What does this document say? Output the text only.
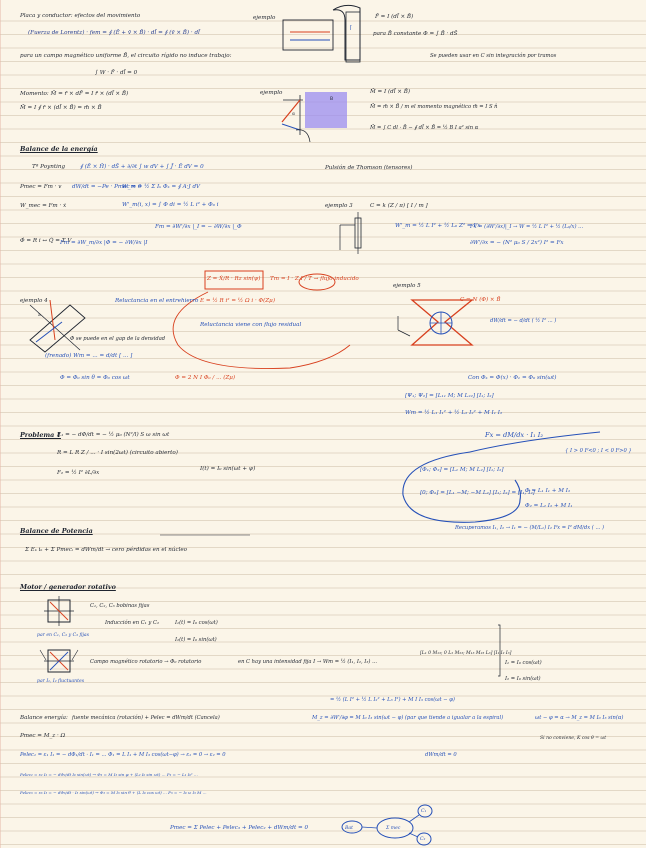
Ī
α
B
a
Placa y conductor: efectos del movimiento
(Fuerza de Lorentz) · fem = ∮ (Ē + v̄ × B̄) · dl̄ = ∮ (v̄ × B̄) · dl̄
para un campo magnético uniforme B̄, el circuito rígido no induce trabajo:
∫ W · F̄ · dl̄ = 0
ejemplo	F̄ = I (dl̄ × B̄)
para B̄ constante Φ = ∫ B̄ · dS̄
Se pueden usar en C sin integración por tramos
Momento: M̄ = r̄ × dF̄ = I r̄ × (dl̄ × B̄)
M̄ = I ∮ r̄ × (dl̄ × B̄) = m̄ × B̄
ejemplo	M̄ = I (dl̄ × B̄)
M̄ = m̄ × B̄ / m el momento magnético m̄ = I S n̂
M̄ = ∫ C dl · B̄ − ∮ dl̄ × B̄ = ½ B I a² sin α
Balance de la energía
Tª Poynting	∮ (Ē × H̄) · dS̄ + ∂/∂t ∫ w dV + ∫ J̄ · Ē dV = 0
Pmec = Fm · v
W_mec = Fm · ẋ
dW/dt = −Pe · Pmec = 0
W_m = ½ Σ Iₖ Φₖ = ∮ A·J dV
W'_m(i, x) = ∫ Φ di = ½ L i² + Φ₀ i
Fm = ∂W'/∂x |_I = − ∂W/∂x |_Φ
Pulsión de Thomson (tensores)
ejemplo 3	C = k (Z / π) [ I / m ]
W'_m = ½ L I² + ½ L₀ Z² = Fx
Fx = (∂W'/∂x)|_I → W = ½ L I² + ½ (L₀/x) ...
∂W'/∂x = − (N² μ₀ S / 2x²) I² = Fx
Φ̇ = R i ↔ Q̇ = Σ V
Fm = ∂W_m/∂x |Φ = − ∂W/∂x |I
Z = Ẋ/R · Rz sin(ψ) Tm = I · Z I / T → flujo inducido
E = ½ R i² = ½ Ω i · Φ(Zμ)
Reluctancia viene con flujo residual
ejemplo 4	Reluctancia en el entrehierro
ejemplo 5
C = N (Φ) × B̄
dW/dt = − d/dt ( ½ I² ... )
Φ se puede en el gap de la densidad
(frenado) Wm = ... = d/dt [ ... ]
Φ = Φ₀ sin θ = Φ₀ cos ωt	Φ = 2 N I Φ₀ / ... (Zμ)	Con Φₖ = Φ(x) · Φ₁ = Φ₀ sin(ωt)
[Ψ₁; Ψ₂] = [L₁₁ M; M L₂₂] [I₁; I₂]
Wm = ½ L₁ I₁² + ½ L₂ I₂² + M I₁ I₂
Fx = dM/dx · I₁ I₂
{ I > 0 F<0 ; I < 0 F>0 }
Problema 1
E₁ = − dΦ/dt = − ½ μ₀ (N²/l) S ω sin ωt
R = L R Z / ... · I sin(2ωt) (circuito abierto)
I(t) = I₀ sin(ωt + ψ)
F₂ = ½ I² ∂L/∂x	[Φ₁; Φ₂] = [L₁ M; M L₂] [I₁; I₂]
[0; Φ₂] = [L₁ −M; −M L₂] [I₁; I₂] = [I₁; I₂]
Φ = L₁ I₁ + M I₂
Φ₂ = L₂ I₂ + M I₁
Recuperamos I₁, I₂ → I₁ = − (M/L₁) I₂ Fx = I² dM/dx ( ... )
Balance de Potencia
Σ Eₖ iₖ + Σ Pmecᵢ = dWm/dt → cero pérdidas en el núcleo
Motor / generador rotativo
C₁, C₂, C₃ bobinas fijas
Inducción en C₁ y C₂	I₁(t) = I₀ cos(ωt)
I₂(t) = I₀ sin(ωt)
par en C₁, C₂ y C₃ fijas
Campo magnético rotatorio → Φ₀ rotatorio	en C hay una intensidad fija I → Wm = ½ (I₁, I₂, I₃) ...
[L₁ 0 M₁₃; 0 L₂ M₂₃; M₁₃ M₂₃ L₃] [I₁ I₂ I₃]
I₁ = I₀ cos(ωt)
I₂ = I₀ sin(ωt)
par I₁, I₂ fluctuantes
= ½ (L I² + ½ L I₂² + L₃ I²) + M I I₃ cos(ωt − φ)
Balance energía: fuente mecánica (rotación) + Pelec = dWm/dt (Cancela)	M_z = ∂W'/∂φ = M I₀ I₃ sin(ωt − φ) (par que tiende a igualar a la espiral)	ωt − φ = α → M_z = M I₀ I₃ sin(α)
Pmec = M_z · Ω	Si no conviene, K cos θ = ωt
Pelec₁ = ε₁ I₁ = − dΦ₁/dt · I₁ = ... Φ₁ = L I₁ + M I₃ cos(ωt−φ) → ε₁ = 0 → ε₂ = 0	dWm/dt = 0
Pelec₂ = ε₂ I₂ = − dΦ₂/dt I₀ sin(ωt) → Φ₂ = M I₃ sin φ + (L₂ I₀ sin ωt) ... P₂ = − L₁ I₀² ...
Pelec₃ = ε₃ I₃ = − dΦ₃/dt · I₃ sin(ωt) → Φ₃ = M I₃ sin θ + (L I₀ cos ωt) ... P₃ = − I₀ ω I₃ M ...
Pmec = Σ Pelec + Pelec₃ + Pelec₂ + dWm/dt = 0	Bat	Σ mec
C₁
C₂
